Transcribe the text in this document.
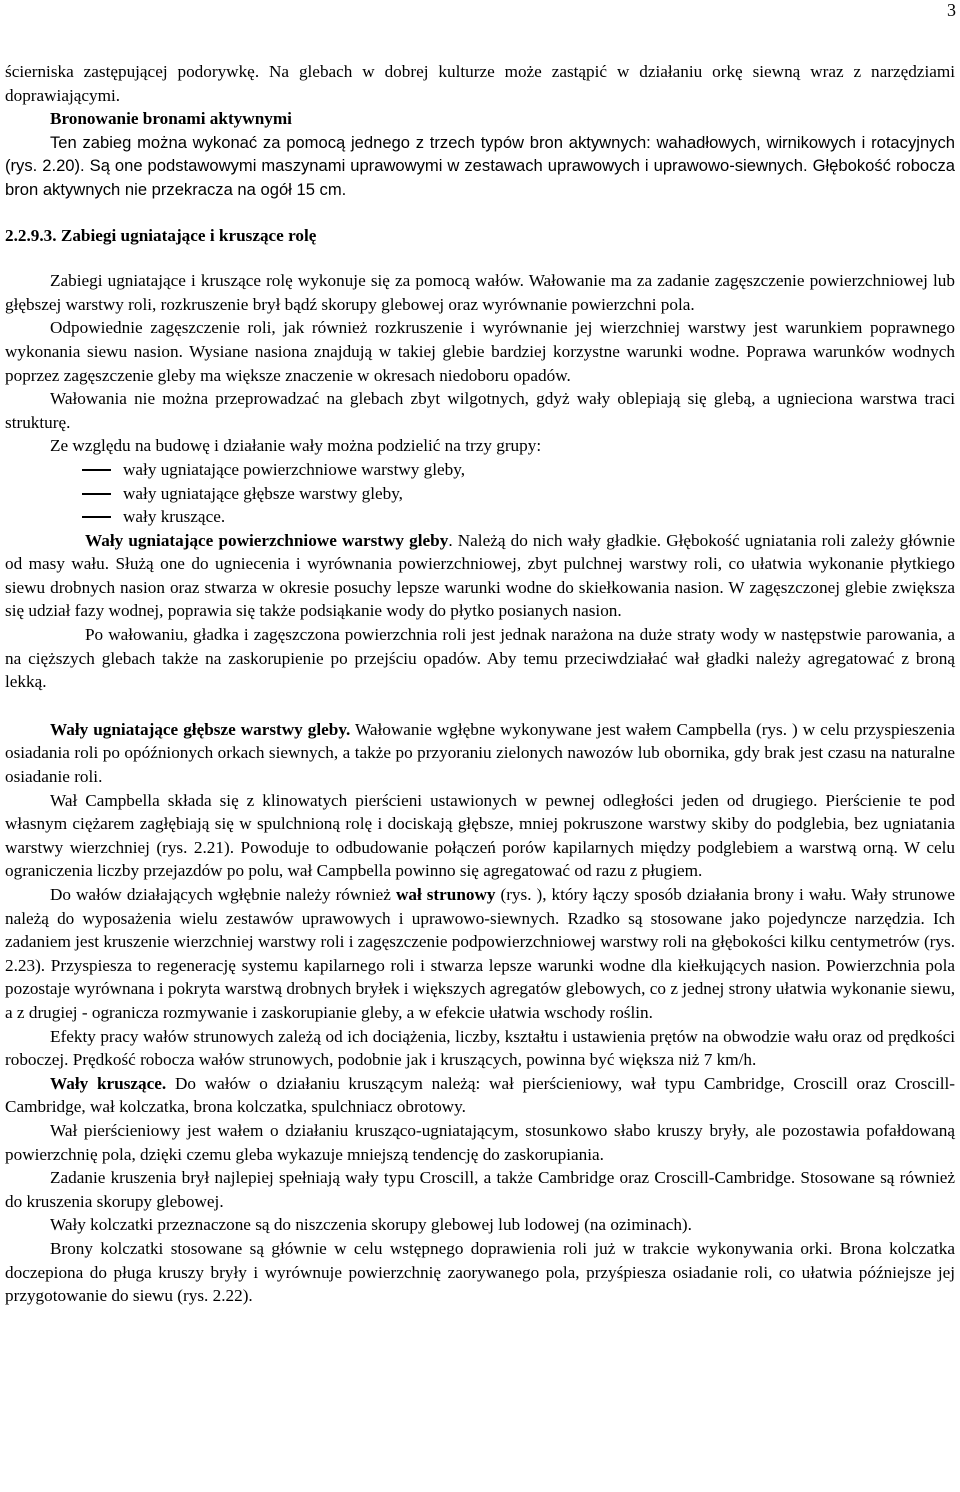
3

ścierniska zastępującej podorywkę. Na glebach w dobrej kulturze może zastąpić w działaniu orkę siewną wraz z narzędziami doprawiającymi.

Bronowanie bronami aktywnymi

Ten zabieg można wykonać za pomocą jednego z trzech typów bron aktywnych: wahadłowych, wirnikowych i rotacyjnych (rys. 2.20). Są one podstawowymi maszynami uprawowymi w zestawach uprawowych i uprawowo-siewnych. Głębokość robocza bron aktywnych nie przekracza na ogół 15 cm.

2.2.9.3. Zabiegi ugniatające i kruszące rolę

Zabiegi ugniatające i kruszące rolę wykonuje się za pomocą wałów. Wałowanie ma za zadanie zagęszczenie powierzchniowej lub głębszej warstwy roli, rozkruszenie brył bądź skorupy glebowej oraz wyrównanie powierzchni pola.

Odpowiednie zagęszczenie roli, jak również rozkruszenie i wyrównanie jej wierzchniej warstwy jest warunkiem poprawnego wykonania siewu nasion. Wysiane nasiona znajdują w takiej glebie bardziej korzystne warunki wodne. Poprawa warunków wodnych poprzez zagęszczenie gleby ma większe znaczenie w okresach niedoboru opadów.

Wałowania nie można przeprowadzać na glebach zbyt wilgotnych, gdyż wały oblepiają się glebą, a ugnieciona warstwa traci strukturę.

Ze względu na budowę i działanie wały można podzielić na trzy grupy:

wały ugniatające powierzchniowe warstwy gleby,
wały ugniatające głębsze warstwy gleby,
wały kruszące.

Wały ugniatające powierzchniowe warstwy gleby. Należą do nich wały gładkie. Głębokość ugniatania roli zależy głównie od masy wału. Służą one do ugniecenia i wyrównania powierzchniowej, zbyt pulchnej warstwy roli, co ułatwia wykonanie płytkiego siewu drobnych nasion oraz stwarza w okresie posuchy lepsze warunki wodne do skiełkowania nasion. W zagęszczonej glebie zwiększa się udział fazy wodnej, poprawia się także podsiąkanie wody do płytko posianych nasion.

Po wałowaniu, gładka i zagęszczona powierzchnia roli jest jednak narażona na duże straty wody w następstwie parowania, a na cięższych glebach także na zaskorupienie po przejściu opadów. Aby temu przeciwdziałać wał gładki należy agregatować z broną lekką.

Wały ugniatające głębsze warstwy gleby. Wałowanie wgłębne wykonywane jest wałem Campbella (rys. ) w celu przyspieszenia osiadania roli po opóźnionych orkach siewnych, a także po przyoraniu zielonych nawozów lub obornika, gdy brak jest czasu na naturalne osiadanie roli.

Wał Campbella składa się z klinowatych pierścieni ustawionych w pewnej odległości jeden od drugiego. Pierścienie te pod własnym ciężarem zagłębiają się w spulchnioną rolę i dociskają głębsze, mniej pokruszone warstwy skiby do podglebia, bez ugniatania warstwy wierzchniej (rys. 2.21). Powoduje to odbudowanie połączeń porów kapilarnych między podglebiem a warstwą orną. W celu ograniczenia liczby przejazdów po polu, wał Campbella powinno się agregatować od razu z pługiem.

Do wałów działających wgłębnie należy również wał strunowy (rys. ), który łączy sposób działania brony i wału. Wały strunowe należą do wyposażenia wielu zestawów uprawowych i uprawowo-siewnych. Rzadko są stosowane jako pojedyncze narzędzia. Ich zadaniem jest kruszenie wierzchniej warstwy roli i zagęszczenie podpowierzchniowej warstwy roli na głębokości kilku centymetrów (rys. 2.23). Przyspiesza to regenerację systemu kapilarnego roli i stwarza lepsze warunki wodne dla kiełkujących nasion. Powierzchnia pola pozostaje wyrównana i pokryta warstwą drobnych bryłek i większych agregatów glebowych, co z jednej strony ułatwia wykonanie siewu, a z drugiej - ogranicza rozmywanie i zaskorupianie gleby, a w efekcie ułatwia wschody roślin.

Efekty pracy wałów strunowych zależą od ich dociążenia, liczby, kształtu i ustawienia prętów na obwodzie wału oraz od prędkości roboczej. Prędkość robocza wałów strunowych, podobnie jak i kruszących, powinna być większa niż 7 km/h.

Wały kruszące. Do wałów o działaniu kruszącym należą: wał pierścieniowy, wał typu Cambridge, Croscill oraz Croscill-Cambridge, wał kolczatka, brona kolczatka, spulchniacz obrotowy.

Wał pierścieniowy jest wałem o działaniu krusząco-ugniatającym, stosunkowo słabo kruszy bryły, ale pozostawia pofałdowaną powierzchnię pola, dzięki czemu gleba wykazuje mniejszą tendencję do zaskorupiania.

Zadanie kruszenia brył najlepiej spełniają wały typu Croscill, a także Cambridge oraz Croscill-Cambridge. Stosowane są również do kruszenia skorupy glebowej.

Wały kolczatki przeznaczone są do niszczenia skorupy glebowej lub lodowej (na oziminach).

Brony kolczatki stosowane są głównie w celu wstępnego doprawienia roli już w trakcie wykonywania orki. Brona kolczatka doczepiona do pługa kruszy bryły i wyrównuje powierzchnię zaorywanego pola, przyśpiesza osiadanie roli, co ułatwia późniejsze jej przygotowanie do siewu (rys. 2.22).
